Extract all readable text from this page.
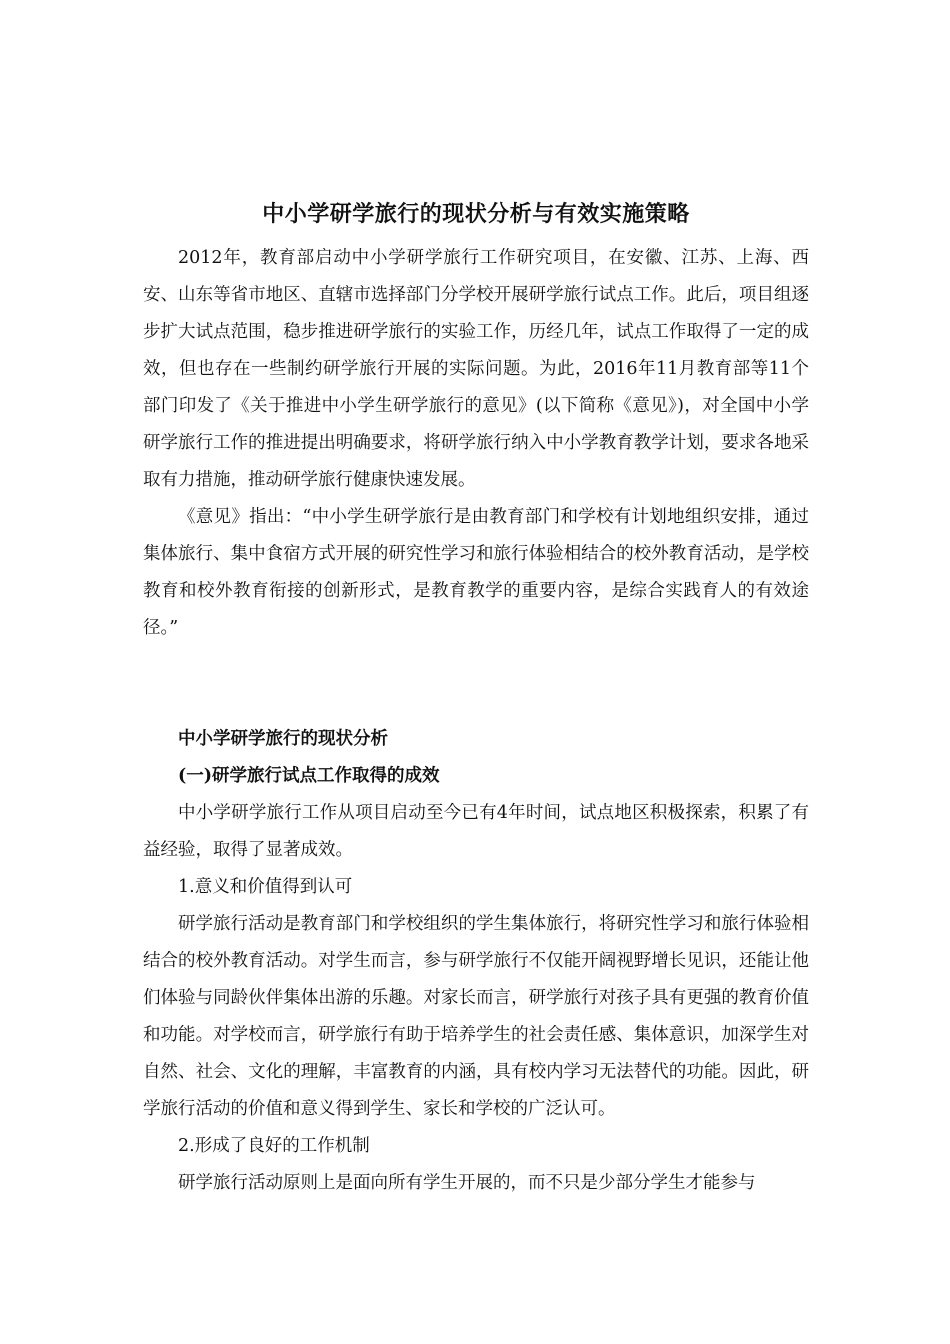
中小学研学旅行的现状分析与有效实施策略

2012年，教育部启动中小学研学旅行工作研究项目，在安徽、江苏、上海、西安、山东等省市地区、直辖市选择部门分学校开展研学旅行试点工作。此后，项目组逐步扩大试点范围，稳步推进研学旅行的实验工作，历经几年，试点工作取得了一定的成效，但也存在一些制约研学旅行开展的实际问题。为此，2016年11月教育部等11个部门印发了《关于推进中小学生研学旅行的意见》(以下简称《意见》)，对全国中小学研学旅行工作的推进提出明确要求，将研学旅行纳入中小学教育教学计划，要求各地采取有力措施，推动研学旅行健康快速发展。

《意见》指出：“中小学生研学旅行是由教育部门和学校有计划地组织安排，通过集体旅行、集中食宿方式开展的研究性学习和旅行体验相结合的校外教育活动，是学校教育和校外教育衔接的创新形式，是教育教学的重要内容，是综合实践育人的有效途径。”

中小学研学旅行的现状分析

(一)研学旅行试点工作取得的成效

中小学研学旅行工作从项目启动至今已有4年时间，试点地区积极探索，积累了有益经验，取得了显著成效。

1.意义和价值得到认可

研学旅行活动是教育部门和学校组织的学生集体旅行，将研究性学习和旅行体验相结合的校外教育活动。对学生而言，参与研学旅行不仅能开阔视野增长见识，还能让他们体验与同龄伙伴集体出游的乐趣。对家长而言，研学旅行对孩子具有更强的教育价值和功能。对学校而言，研学旅行有助于培养学生的社会责任感、集体意识，加深学生对自然、社会、文化的理解，丰富教育的内涵，具有校内学习无法替代的功能。因此，研学旅行活动的价值和意义得到学生、家长和学校的广泛认可。

2.形成了良好的工作机制

研学旅行活动原则上是面向所有学生开展的，而不只是少部分学生才能参与
